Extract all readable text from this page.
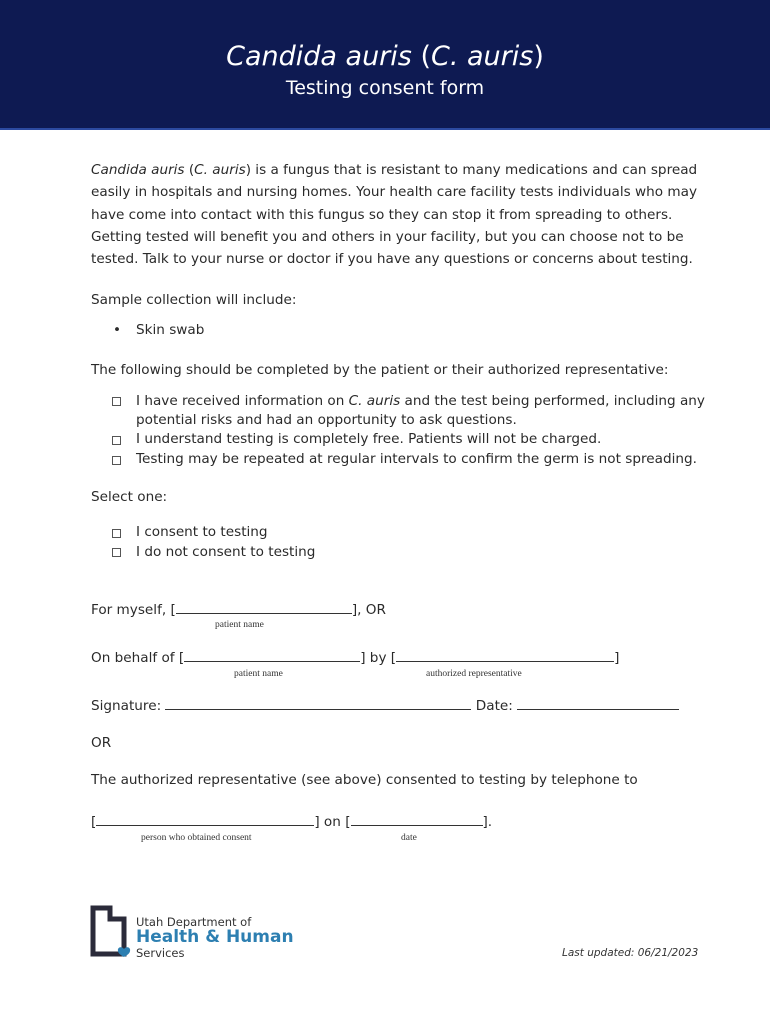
Candida auris (C. auris)
Testing consent form

Candida auris (C. auris) is a fungus that is resistant to many medications and can spread

easily in hospitals and nursing homes. Your health care facility tests individuals who may

have come into contact with this fungus so they can stop it from spreading to others.

Getting tested will benefit you and others in your facility, but you can choose not to be

tested. Talk to your nurse or doctor if you have any questions or concerns about testing.

Sample collection will include:
• Skin swab
The following should be completed by the patient or their authorized representative:
I have received information on C. auris and the test being performed, including any
potential risks and had an opportunity to ask questions.
I understand testing is completely free. Patients will not be charged.
Testing may be repeated at regular intervals to confirm the germ is not spreading.
Select one:
I consent to testing
I do not consent to testing
For myself, [	], OR
patient name
On behalf of [	] by [	]
patient name	authorized representative
Signature:	Date:
OR
The authorized representative (see above) consented to testing by telephone to
[	] on [	].
person who obtained consent	date
Utah Department of
Health & Human
Services	Last updated: 06/21/2023
